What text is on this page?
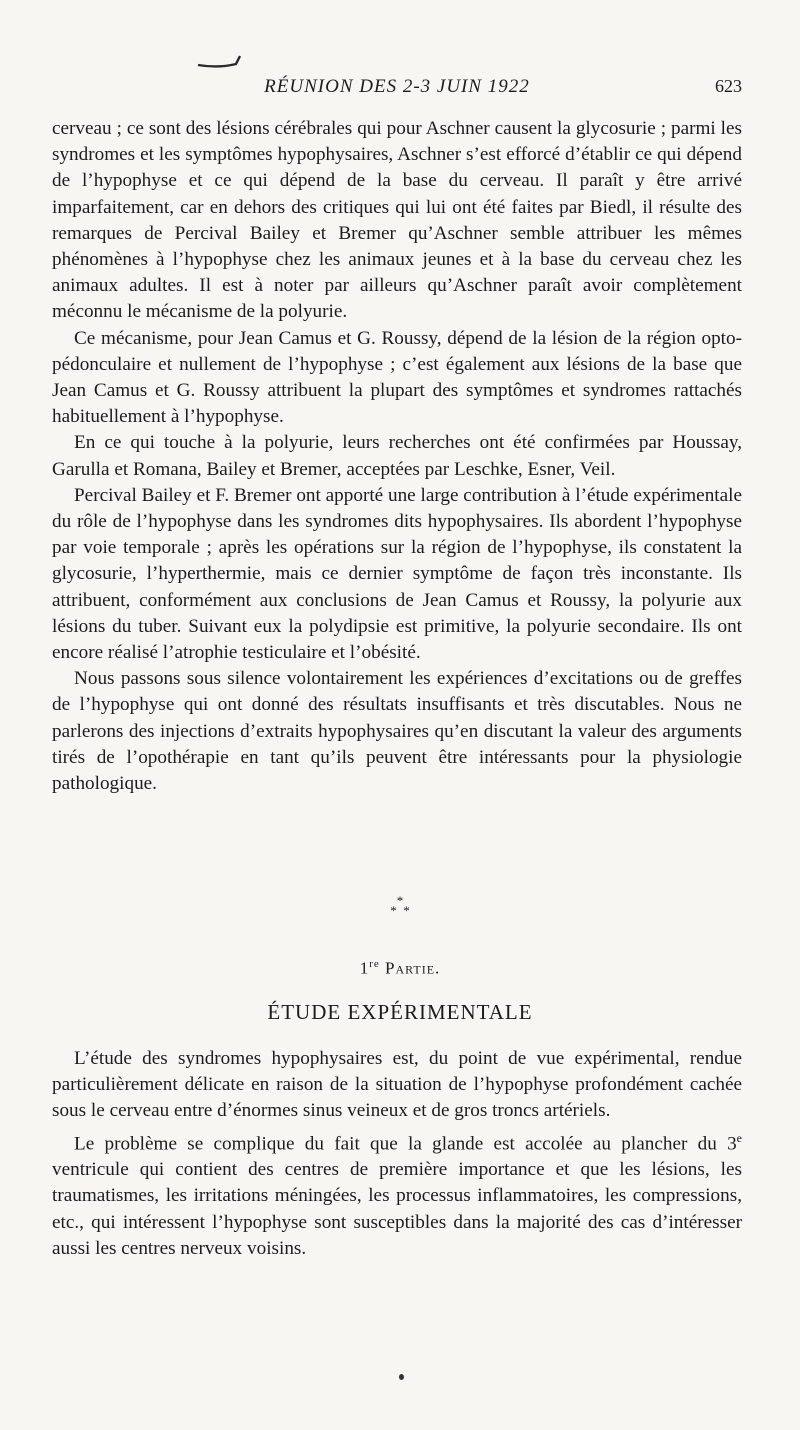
RÉUNION DES 2-3 JUIN 1922	623

cerveau ; ce sont des lésions cérébrales qui pour Aschner causent la glycosurie ; parmi les syndromes et les symptômes hypophysaires, Aschner s’est efforcé d’établir ce qui dépend de l’hypophyse et ce qui dépend de la base du cerveau. Il paraît y être arrivé imparfaitement, car en dehors des critiques qui lui ont été faites par Biedl, il résulte des remarques de Percival Bailey et Bremer qu’Aschner semble attribuer les mêmes phénomènes à l’hypophyse chez les animaux jeunes et à la base du cerveau chez les animaux adultes. Il est à noter par ailleurs qu’Aschner paraît avoir complètement méconnu le mécanisme de la polyurie.

Ce mécanisme, pour Jean Camus et G. Roussy, dépend de la lésion de la région opto-pédonculaire et nullement de l’hypophyse ; c’est également aux lésions de la base que Jean Camus et G. Roussy attribuent la plupart des symptômes et syndromes rattachés habituellement à l’hypophyse.

En ce qui touche à la polyurie, leurs recherches ont été confirmées par Houssay, Garulla et Romana, Bailey et Bremer, acceptées par Leschke, Esner, Veil.

Percival Bailey et F. Bremer ont apporté une large contribution à l’étude expérimentale du rôle de l’hypophyse dans les syndromes dits hypophysaires. Ils abordent l’hypophyse par voie temporale ; après les opérations sur la région de l’hypophyse, ils constatent la glycosurie, l’hyperthermie, mais ce dernier symptôme de façon très inconstante. Ils attribuent, conformément aux conclusions de Jean Camus et Roussy, la polyurie aux lésions du tuber. Suivant eux la polydipsie est primitive, la polyurie secondaire. Ils ont encore réalisé l’atrophie testiculaire et l’obésité.

Nous passons sous silence volontairement les expériences d’excitations ou de greffes de l’hypophyse qui ont donné des résultats insuffisants et très discutables. Nous ne parlerons des injections d’extraits hypophysaires qu’en discutant la valeur des arguments tirés de l’opothérapie en tant qu’ils peuvent être intéressants pour la physiologie pathologique.

*
* *
1re Partie.
ÉTUDE EXPÉRIMENTALE

L’étude des syndromes hypophysaires est, du point de vue expérimental, rendue particulièrement délicate en raison de la situation de l’hypophyse profondément cachée sous le cerveau entre d’énormes sinus veineux et de gros troncs artériels.

Le problème se complique du fait que la glande est accolée au plancher du 3e ventricule qui contient des centres de première importance et que les lésions, les traumatismes, les irritations méningées, les processus inflammatoires, les compressions, etc., qui intéressent l’hypophyse sont susceptibles dans la majorité des cas d’intéresser aussi les centres nerveux voisins.
